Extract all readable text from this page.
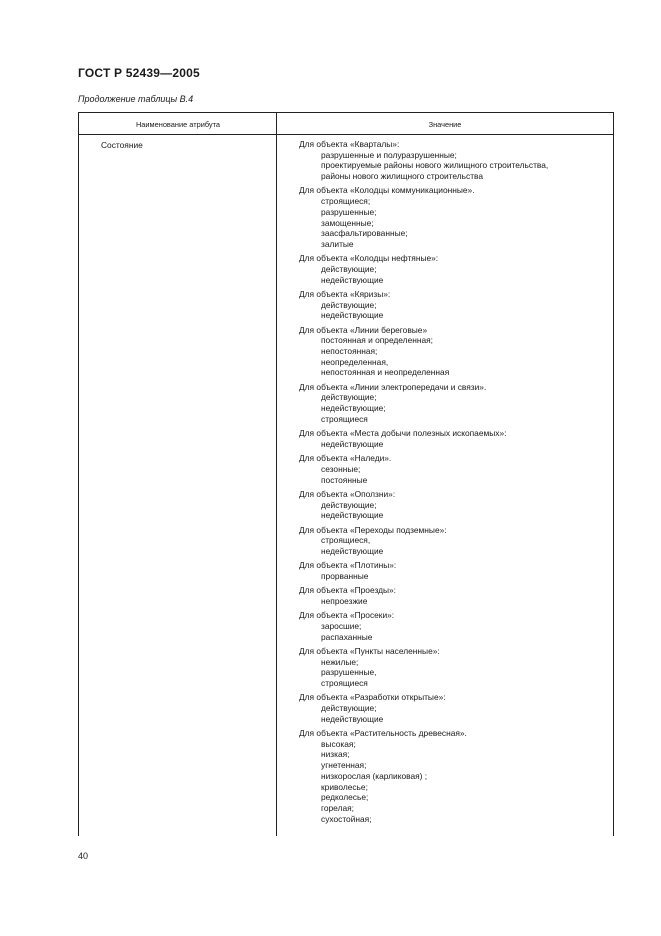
ГОСТ Р 52439—2005
Продолжение таблицы В.4
Наименование атрибута	Значение
Состояние	Для объекта «Кварталы»:
разрушенные и полуразрушенные;
проектируемые районы нового жилищного строительства,
районы нового жилищного строительства
Для объекта «Колодцы коммуникационные».
строящиеся;
разрушенные;
замощенные;
заасфальтированные;
залитые
Для объекта «Колодцы нефтяные»:
действующие;
недействующие
Для объекта «Кяризы»:
действующие;
недействующие
Для объекта «Линии береговые»
постоянная и определенная;
непостоянная;
неопределенная,
непостоянная и неопределенная
Для объекта «Линии электропередачи и связи».
действующие;
недействующие;
строящиеся
Для объекта «Места добычи полезных ископаемых»:
недействующие
Для объекта «Наледи».
сезонные;
постоянные
Для объекта «Оползни»:
действующие;
недействующие
Для объекта «Переходы подземные»:
строящиеся,
недействующие
Для объекта «Плотины»:
прорванные
Для объекта «Проезды»:
непроезжие
Для объекта «Просеки»:
заросшие;
распаханные
Для объекта «Пункты населенные»:
нежилые;
разрушенные,
строящиеся
Для объекта «Разработки открытые»:
действующие;
недействующие
Для объекта «Растительность древесная».
высокая;
низкая;
угнетенная;
низкорослая (карликовая) ;
криволесье;
редколесье;
горелая;
сухостойная;
40
